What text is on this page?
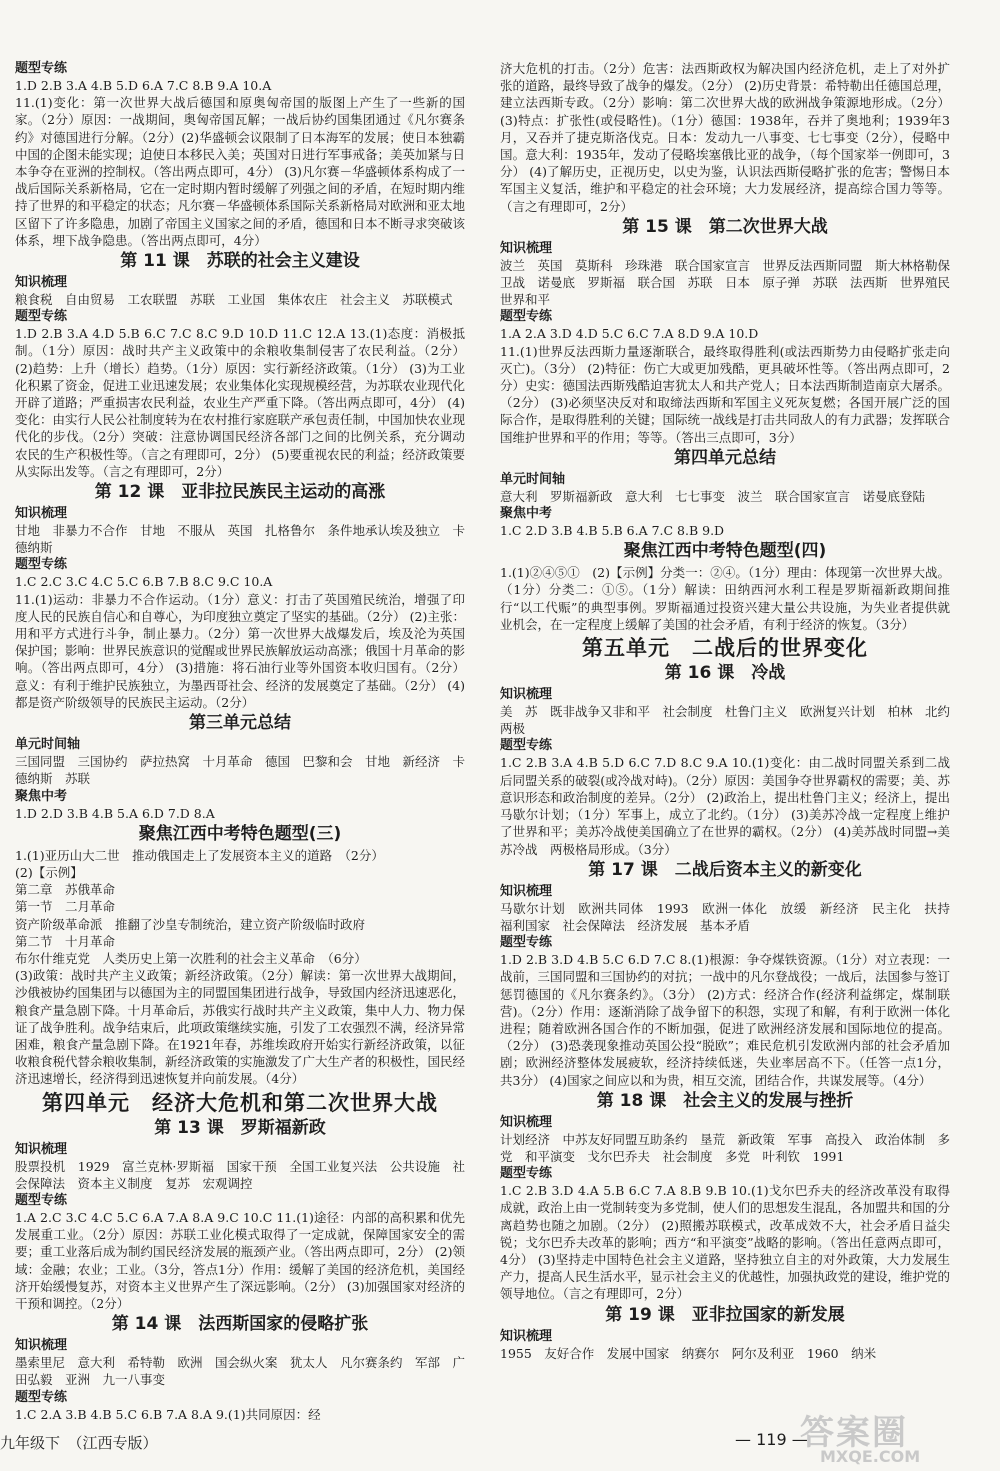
题型专练
1.D 2.B 3.A 4.B 5.D 6.A 7.C 8.B 9.A 10.A
11.(1)变化：第一次世界大战后德国和原奥匈帝国的版图上产生了一些新的国家。（2分）原因：一战期间，奥匈帝国瓦解；一战后协约国集团通过《凡尔赛条约》对德国进行分解。（2分）(2)华盛顿会议限制了日本海军的发展；使日本独霸中国的企图未能实现；迫使日本移民入美；英国对日进行军事戒备；美英加紧与日本争夺在亚洲的控制权。（答出两点即可，4分） (3)凡尔赛－华盛顿体系构成了一战后国际关系新格局，它在一定时期内暂时缓解了列强之间的矛盾，在短时期内维持了世界的和平稳定的状态；凡尔赛－华盛顿体系国际关系新格局对欧洲和亚太地区留下了许多隐患，加剧了帝国主义国家之间的矛盾，德国和日本不断寻求突破该体系，埋下战争隐患。（答出两点即可，4分）
第 11 课　苏联的社会主义建设
知识梳理
粮食税　自由贸易　工农联盟　苏联　工业国　集体农庄　社会主义　苏联模式
题型专练
1.D 2.B 3.A 4.D 5.B 6.C 7.C 8.C 9.D 10.D 11.C 12.A 13.(1)态度：消极抵制。（1分）原因：战时共产主义政策中的余粮收集制侵害了农民利益。（2分） (2)趋势：上升（增长）趋势。（1分）原因：实行新经济政策。（1分） (3)为工业化积累了资金，促进工业迅速发展；农业集体化实现规模经营，为苏联农业现代化开辟了道路；严重损害农民利益，农业生产严重下降。（答出两点即可，4分） (4)变化：由实行人民公社制度转为在农村推行家庭联产承包责任制，中国加快农业现代化的步伐。（2分）突破：注意协调国民经济各部门之间的比例关系，充分调动农民的生产积极性等。（言之有理即可，2分） (5)要重视农民的利益；经济政策要从实际出发等。（言之有理即可，2分）
第 12 课　亚非拉民族民主运动的高涨
知识梳理
甘地　非暴力不合作　甘地　不服从　英国　扎格鲁尔　条件地承认埃及独立　卡德纳斯
题型专练
1.C 2.C 3.C 4.C 5.C 6.B 7.B 8.C 9.C 10.A
11.(1)运动：非暴力不合作运动。（1分）意义：打击了英国殖民统治，增强了印度人民的民族自信心和自尊心，为印度独立奠定了坚实的基础。（2分） (2)主张：用和平方式进行斗争，制止暴力。（2分）第一次世界大战爆发后，埃及沦为英国保护国；影响：世界民族意识的觉醒或世界民族解放运动高涨；俄国十月革命的影响。（答出两点即可，4分） (3)措施：将石油行业等外国资本收归国有。（2分）意义：有利于维护民族独立，为墨西哥社会、经济的发展奠定了基础。（2分） (4)都是资产阶级领导的民族民主运动。（2分）
第三单元总结
单元时间轴
三国同盟　三国协约　萨拉热窝　十月革命　德国　巴黎和会　甘地　新经济　卡德纳斯　苏联
聚焦中考
1.D 2.D 3.B 4.B 5.A 6.D 7.D 8.A
聚焦江西中考特色题型(三)
1.(1)亚历山大二世　推动俄国走上了发展资本主义的道路　（2分）
(2)【示例】
第二章　苏俄革命
第一节　二月革命
资产阶级革命派　推翻了沙皇专制统治，建立资产阶级临时政府
第二节　十月革命
布尔什维克党　人类历史上第一次胜利的社会主义革命　（6分）
(3)政策：战时共产主义政策；新经济政策。（2分）解读：第一次世界大战期间，沙俄被协约国集团与以德国为主的同盟国集团进行战争，导致国内经济迅速恶化，粮食产量急剧下降。十月革命后，苏俄实行战时共产主义政策，集中人力、物力保证了战争胜利。战争结束后，此项政策继续实施，引发了工农强烈不满，经济异常困难，粮食产量急剧下降。在1921年春，苏维埃政府开始实行新经济政策，以征收粮食税代替余粮收集制，新经济政策的实施激发了广大生产者的积极性，国民经济迅速增长，经济得到迅速恢复并向前发展。（4分）
第四单元　经济大危机和第二次世界大战
第 13 课　罗斯福新政
知识梳理
股票投机　1929　富兰克林·罗斯福　国家干预　全国工业复兴法　公共设施　社会保障法　资本主义制度　复苏　宏观调控
题型专练
1.A 2.C 3.C 4.C 5.C 6.A 7.A 8.A 9.C 10.C 11.(1)途径：内部的高积累和优先发展重工业。（2分）原因：苏联工业化模式取得了一定成就，保障国家安全的需要；重工业落后成为制约国民经济发展的瓶颈产业。（答出两点即可，2分） (2)领域：金融；农业；工业。（3分，答点1分）作用：缓解了美国的经济危机，美国经济开始缓慢复苏，对资本主义世界产生了深远影响。（2分） (3)加强国家对经济的干预和调控。（2分）
第 14 课　法西斯国家的侵略扩张
知识梳理
墨索里尼　意大利　希特勒　欧洲　国会纵火案　犹太人　凡尔赛条约　军部　广田弘毅　亚洲　九一八事变
题型专练
1.C 2.A 3.B 4.B 5.C 6.B 7.A 8.A 9.(1)共同原因：经
济大危机的打击。（2分）危害：法西斯政权为解决国内经济危机，走上了对外扩张的道路，最终导致了战争的爆发。（2分） (2)历史背景：希特勒出任德国总理，建立法西斯专政。（2分）影响：第二次世界大战的欧洲战争策源地形成。（2分） (3)特点：扩张性(或侵略性)。（1分）德国：1938年，吞并了奥地利；1939年3月，又吞并了捷克斯洛伐克。日本：发动九一八事变、七七事变（2分），侵略中国。意大利：1935年，发动了侵略埃塞俄比亚的战争，（每个国家举一例即可，3分） (4)了解历史，正视历史，以史为鉴，认识法西斯侵略扩张的危害；警惕日本军国主义复活，维护和平稳定的社会环境；大力发展经济，提高综合国力等等。（言之有理即可，2分）
第 15 课　第二次世界大战
知识梳理
波兰　英国　莫斯科　珍珠港　联合国家宣言　世界反法西斯同盟　斯大林格勒保卫战　诺曼底　罗斯福　联合国　苏联　日本　原子弹　苏联　法西斯　世界殖民　世界和平
题型专练
1.A 2.A 3.D 4.D 5.C 6.C 7.A 8.D 9.A 10.D
11.(1)世界反法西斯力量逐渐联合，最终取得胜利(或法西斯势力由侵略扩张走向灭亡)。（3分） (2)特征：伤亡大或更加残酷，更具破坏性等。（答出两点即可，2分）史实：德国法西斯残酷迫害犹太人和共产党人；日本法西斯制造南京大屠杀。（2分） (3)必须坚决反对和取缔法西斯和军国主义死灰复燃；各国开展广泛的国际合作，是取得胜利的关键；国际统一战线是打击共同敌人的有力武器；发挥联合国维护世界和平的作用；等等。（答出三点即可，3分）
第四单元总结
单元时间轴
意大利　罗斯福新政　意大利　七七事变　波兰　联合国家宣言　诺曼底登陆
聚焦中考
1.C 2.D 3.B 4.B 5.B 6.A 7.C 8.B 9.D
聚焦江西中考特色题型(四)
1.(1)②④⑤①　(2)【示例】分类一：②④。（1分）理由：体现第一次世界大战。（1分）分类二：①⑤。（1分）解读：田纳西河水利工程是罗斯福新政期间推行“以工代赈”的典型事例。罗斯福通过投资兴建大量公共设施，为失业者提供就业机会，在一定程度上缓解了美国的社会矛盾，有利于经济的恢复。（3分）
第五单元　二战后的世界变化
第 16 课　冷战
知识梳理
美　苏　既非战争又非和平　社会制度　杜鲁门主义　欧洲复兴计划　柏林　北约　两极
题型专练
1.C 2.B 3.A 4.B 5.D 6.C 7.D 8.C 9.A 10.(1)变化：由二战时同盟关系到二战后同盟关系的破裂(或冷战对峙)。（2分）原因：美国争夺世界霸权的需要；美、苏意识形态和政治制度的差异。（2分） (2)政治上，提出杜鲁门主义；经济上，提出马歇尔计划；（1分）军事上，成立了北约。（1分） (3)美苏冷战一定程度上维护了世界和平；美苏冷战使美国确立了在世界的霸权。（2分） (4)美苏战时同盟→美苏冷战　两极格局形成。（3分）
第 17 课　二战后资本主义的新变化
知识梳理
马歇尔计划　欧洲共同体　1993　欧洲一体化　放缓　新经济　民主化　扶持　福利国家　社会保障法　经济发展　基本矛盾
题型专练
1.D 2.B 3.D 4.B 5.C 6.D 7.C 8.(1)根源：争夺煤铁资源。（1分）对立表现：一战前，三国同盟和三国协约的对抗；一战中的凡尔登战役；一战后，法国参与签订惩罚德国的《凡尔赛条约》。（3分） (2)方式：经济合作(经济利益绑定，煤制联营)。（2分）作用：逐渐消除了战争留下的积怨，实现了和解，有利于欧洲一体化进程；随着欧洲各国合作的不断加强，促进了欧洲经济发展和国际地位的提高。（2分） (3)恐袭现象推动英国公投“脱欧”；难民危机引发欧洲内部的社会矛盾加剧；欧洲经济整体发展疲软，经济持续低迷，失业率居高不下。（任答一点1分，共3分） (4)国家之间应以和为贵，相互交流，团结合作，共谋发展等。（4分）
第 18 课　社会主义的发展与挫折
知识梳理
计划经济　中苏友好同盟互助条约　垦荒　新政策　军事　高投入　政治体制　多党　和平演变　戈尔巴乔夫　社会制度　多党　叶利钦　1991
题型专练
1.C 2.B 3.D 4.A 5.B 6.C 7.A 8.B 9.B 10.(1)戈尔巴乔夫的经济改革没有取得成就，政治上由一党制转变为多党制，使人们的思想发生混乱，各加盟共和国的分离趋势也随之加剧。（2分） (2)照搬苏联模式，改革成效不大，社会矛盾日益尖锐；戈尔巴乔夫改革的影响；西方“和平演变”战略的影响。（答出任意两点即可，4分） (3)坚持走中国特色社会主义道路，坚持独立自主的对外政策，大力发展生产力，提高人民生活水平，显示社会主义的优越性，加强执政党的建设，维护党的领导地位。（言之有理即可，2分）
第 19 课　亚非拉国家的新发展
知识梳理
1955　友好合作　发展中国家　纳赛尔　阿尔及利亚　1960　纳米
九年级下　（江西专版）	— 119 —
答案圈
MXQE.COM
